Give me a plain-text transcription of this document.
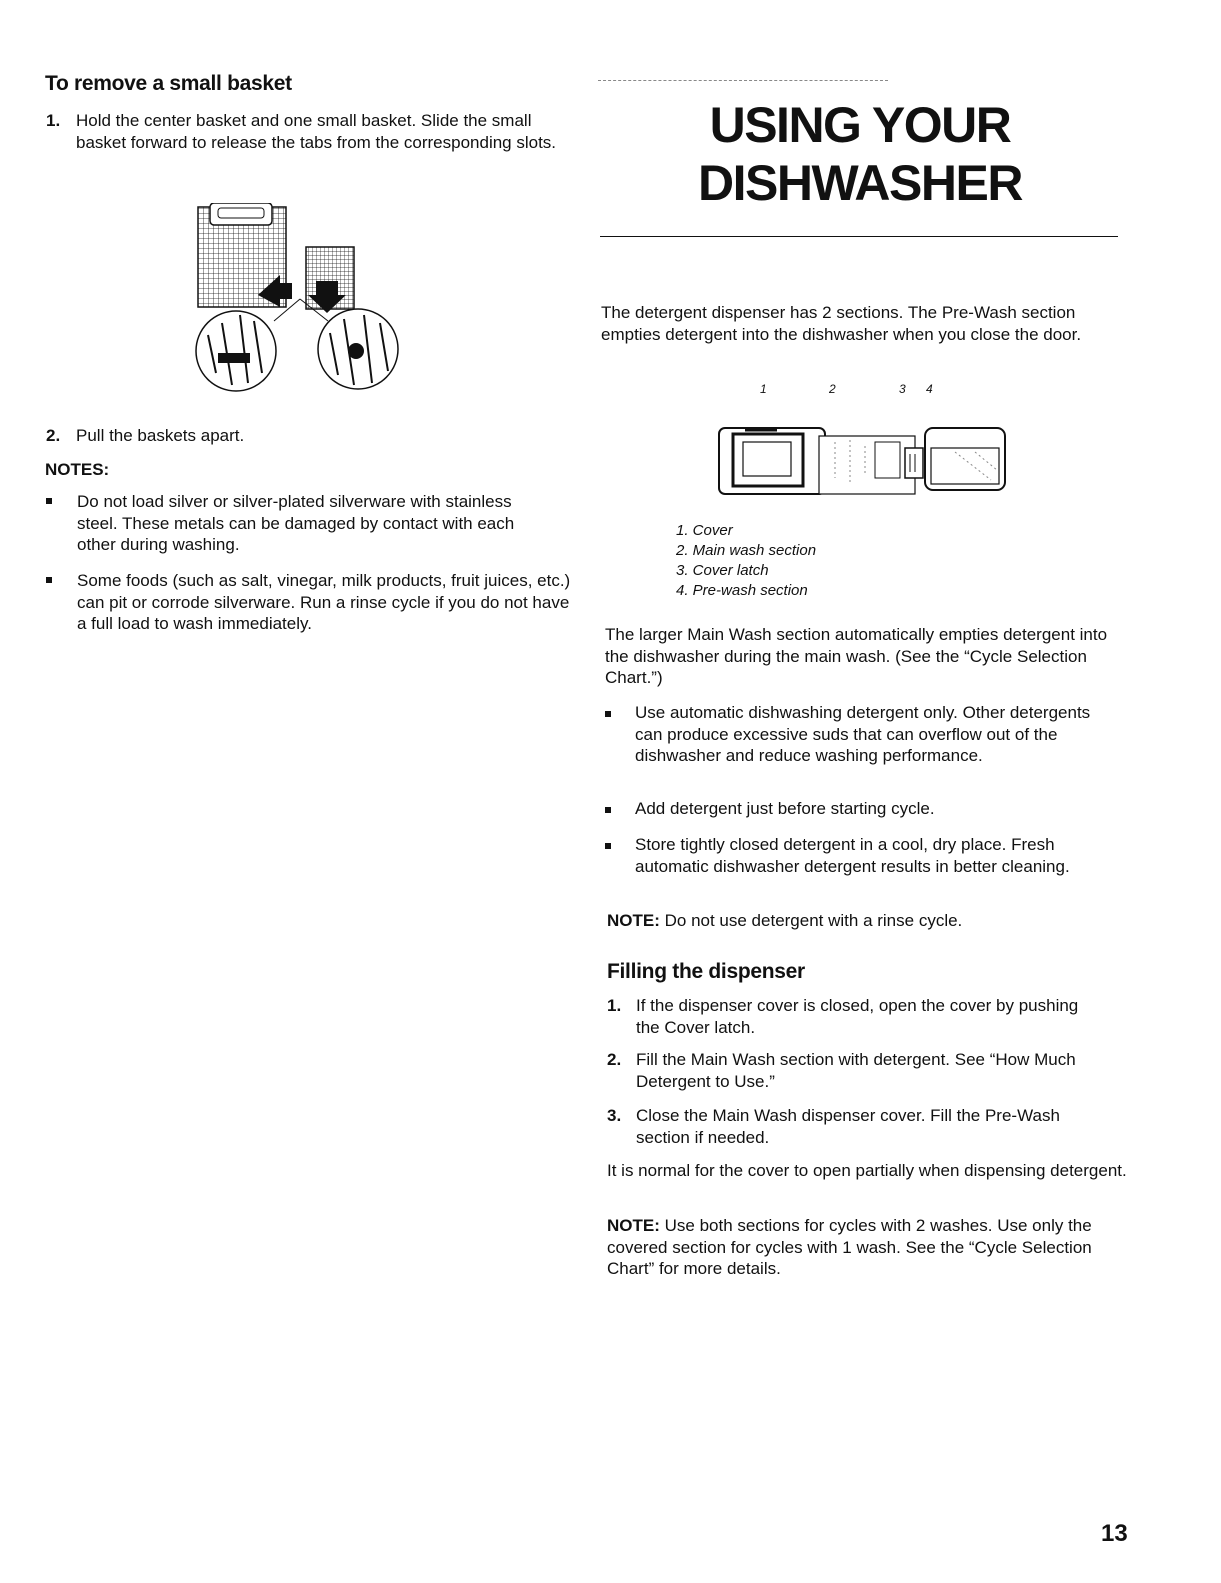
To remove a small basket
1. Hold the center basket and one small basket. Slide the small basket forward to release the tabs from the corresponding slots.

2. Pull the baskets apart.

NOTES:

Do not load silver or silver-plated silverware with stainless steel. These metals can be damaged by contact with each other during washing.

Some foods (such as salt, vinegar, milk products, fruit juices, etc.) can pit or corrode silverware. Run a rinse cycle if you do not have a full load to wash immediately.

USING YOUR
DISHWASHER

The detergent dispenser has 2 sections. The Pre-Wash section empties detergent into the dishwasher when you close the door.

1	2	3 4

1. Cover

2. Main wash section

3. Cover latch

4. Pre-wash section

The larger Main Wash section automatically empties detergent into the dishwasher during the main wash. (See the “Cycle Selection Chart.”)

Use automatic dishwashing detergent only. Other detergents can produce excessive suds that can overflow out of the dishwasher and reduce washing performance.

Add detergent just before starting cycle.

Store tightly closed detergent in a cool, dry place. Fresh automatic dishwasher detergent results in better cleaning.

NOTE: Do not use detergent with a rinse cycle.

Filling the dispenser
1. If the dispenser cover is closed, open the cover by pushing the Cover latch.

2. Fill the Main Wash section with detergent. See “How Much Detergent to Use.”

3. Close the Main Wash dispenser cover. Fill the Pre-Wash section if needed.

It is normal for the cover to open partially when dispensing detergent.

NOTE: Use both sections for cycles with 2 washes. Use only the covered section for cycles with 1 wash. See the “Cycle Selection Chart” for more details.

13
